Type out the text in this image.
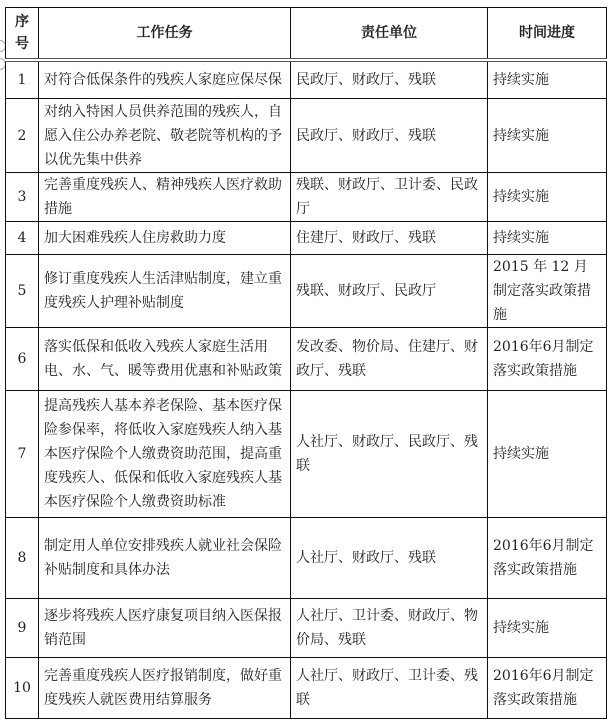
序号	工作任务	责任单位	时间进度
1	对符合低保条件的残疾人家庭应保尽保	民政厅、财政厅、残联	持续实施
2	对纳入特困人员供养范围的残疾人，自愿入住公办养老院、敬老院等机构的予以优先集中供养	民政厅、财政厅、残联	持续实施
3	完善重度残疾人、精神残疾人医疗救助措施	残联、财政厅、卫计委、民政厅	持续实施
4	加大困难残疾人住房救助力度	住建厅、财政厅、残联	持续实施
5	修订重度残疾人生活津贴制度，建立重度残疾人护理补贴制度	残联、财政厅、民政厅	2015 年 12 月制定落实政策措施
6	落实低保和低收入残疾人家庭生活用电、水、气、暖等费用优惠和补贴政策	发改委、物价局、住建厅、财政厅、残联	2016年6月制定落实政策措施
7	提高残疾人基本养老保险、基本医疗保险参保率，将低收入家庭残疾人纳入基本医疗保险个人缴费资助范围，提高重度残疾人、低保和低收入家庭残疾人基本医疗保险个人缴费资助标准	人社厅、财政厅、民政厅、残联	持续实施
8	制定用人单位安排残疾人就业社会保险补贴制度和具体办法	人社厅、财政厅、残联	2016年6月制定落实政策措施
9	逐步将残疾人医疗康复项目纳入医保报销范围	人社厅、卫计委、财政厅、物价局、残联	持续实施
10	完善重度残疾人医疗报销制度，做好重度残疾人就医费用结算服务	人社厅、财政厅、卫计委、残联	2016年6月制定落实政策措施
